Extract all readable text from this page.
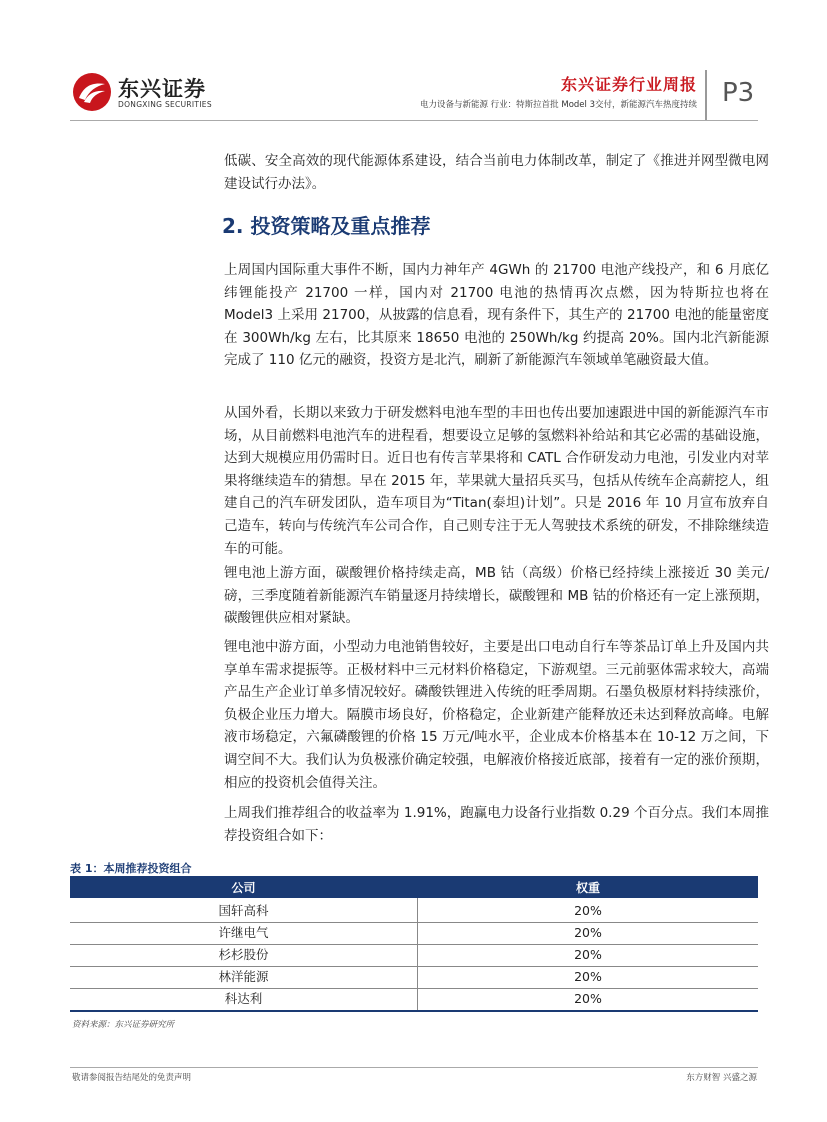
东兴证券
DONGXING SECURITIES
东兴证券行业周报
电力设备与新能源 行业：特斯拉首批 Model 3交付，新能源汽车热度持续 P3
低碳、安全高效的现代能源体系建设，结合当前电力体制改革，制定了《推进并网型微电网建设试行办法》。
2. 投资策略及重点推荐
上周国内国际重大事件不断，国内力神年产 4GWh 的 21700 电池产线投产，和 6 月底亿纬锂能投产 21700 一样，国内对 21700 电池的热情再次点燃，因为特斯拉也将在 Model3 上采用 21700，从披露的信息看，现有条件下，其生产的 21700 电池的能量密度在 300Wh/kg 左右，比其原来 18650 电池的 250Wh/kg 约提高 20%。国内北汽新能源完成了 110 亿元的融资，投资方是北汽，刷新了新能源汽车领域单笔融资最大值。
从国外看，长期以来致力于研发燃料电池车型的丰田也传出要加速跟进中国的新能源汽车市场，从目前燃料电池汽车的进程看，想要设立足够的氢燃料补给站和其它必需的基础设施，达到大规模应用仍需时日。近日也有传言苹果将和 CATL 合作研发动力电池，引发业内对苹果将继续造车的猜想。早在 2015 年，苹果就大量招兵买马，包括从传统车企高薪挖人，组建自己的汽车研发团队，造车项目为“Titan(泰坦)计划”。只是 2016 年 10 月宣布放弃自己造车，转向与传统汽车公司合作，自己则专注于无人驾驶技术系统的研发，不排除继续造车的可能。
锂电池上游方面，碳酸锂价格持续走高，MB 钴（高级）价格已经持续上涨接近 30 美元/磅，三季度随着新能源汽车销量逐月持续增长，碳酸锂和 MB 钴的价格还有一定上涨预期，碳酸锂供应相对紧缺。
锂电池中游方面，小型动力电池销售较好，主要是出口电动自行车等茶品订单上升及国内共享单车需求提振等。正极材料中三元材料价格稳定，下游观望。三元前驱体需求较大，高端产品生产企业订单多情况较好。磷酸铁锂进入传统的旺季周期。石墨负极原材料持续涨价，负极企业压力增大。隔膜市场良好，价格稳定，企业新建产能释放还未达到释放高峰。电解液市场稳定，六氟磷酸锂的价格 15 万元/吨水平，企业成本价格基本在 10-12 万之间，下调空间不大。我们认为负极涨价确定较强，电解液价格接近底部，接着有一定的涨价预期，相应的投资机会值得关注。
上周我们推荐组合的收益率为 1.91%，跑赢电力设备行业指数 0.29 个百分点。我们本周推荐投资组合如下：
表 1：本周推荐投资组合
公司	权重
国轩高科	20%
许继电气	20%
杉杉股份	20%
林洋能源	20%
科达利	20%
资料来源：东兴证券研究所
敬请参阅报告结尾处的免责声明	东方财智 兴盛之源
